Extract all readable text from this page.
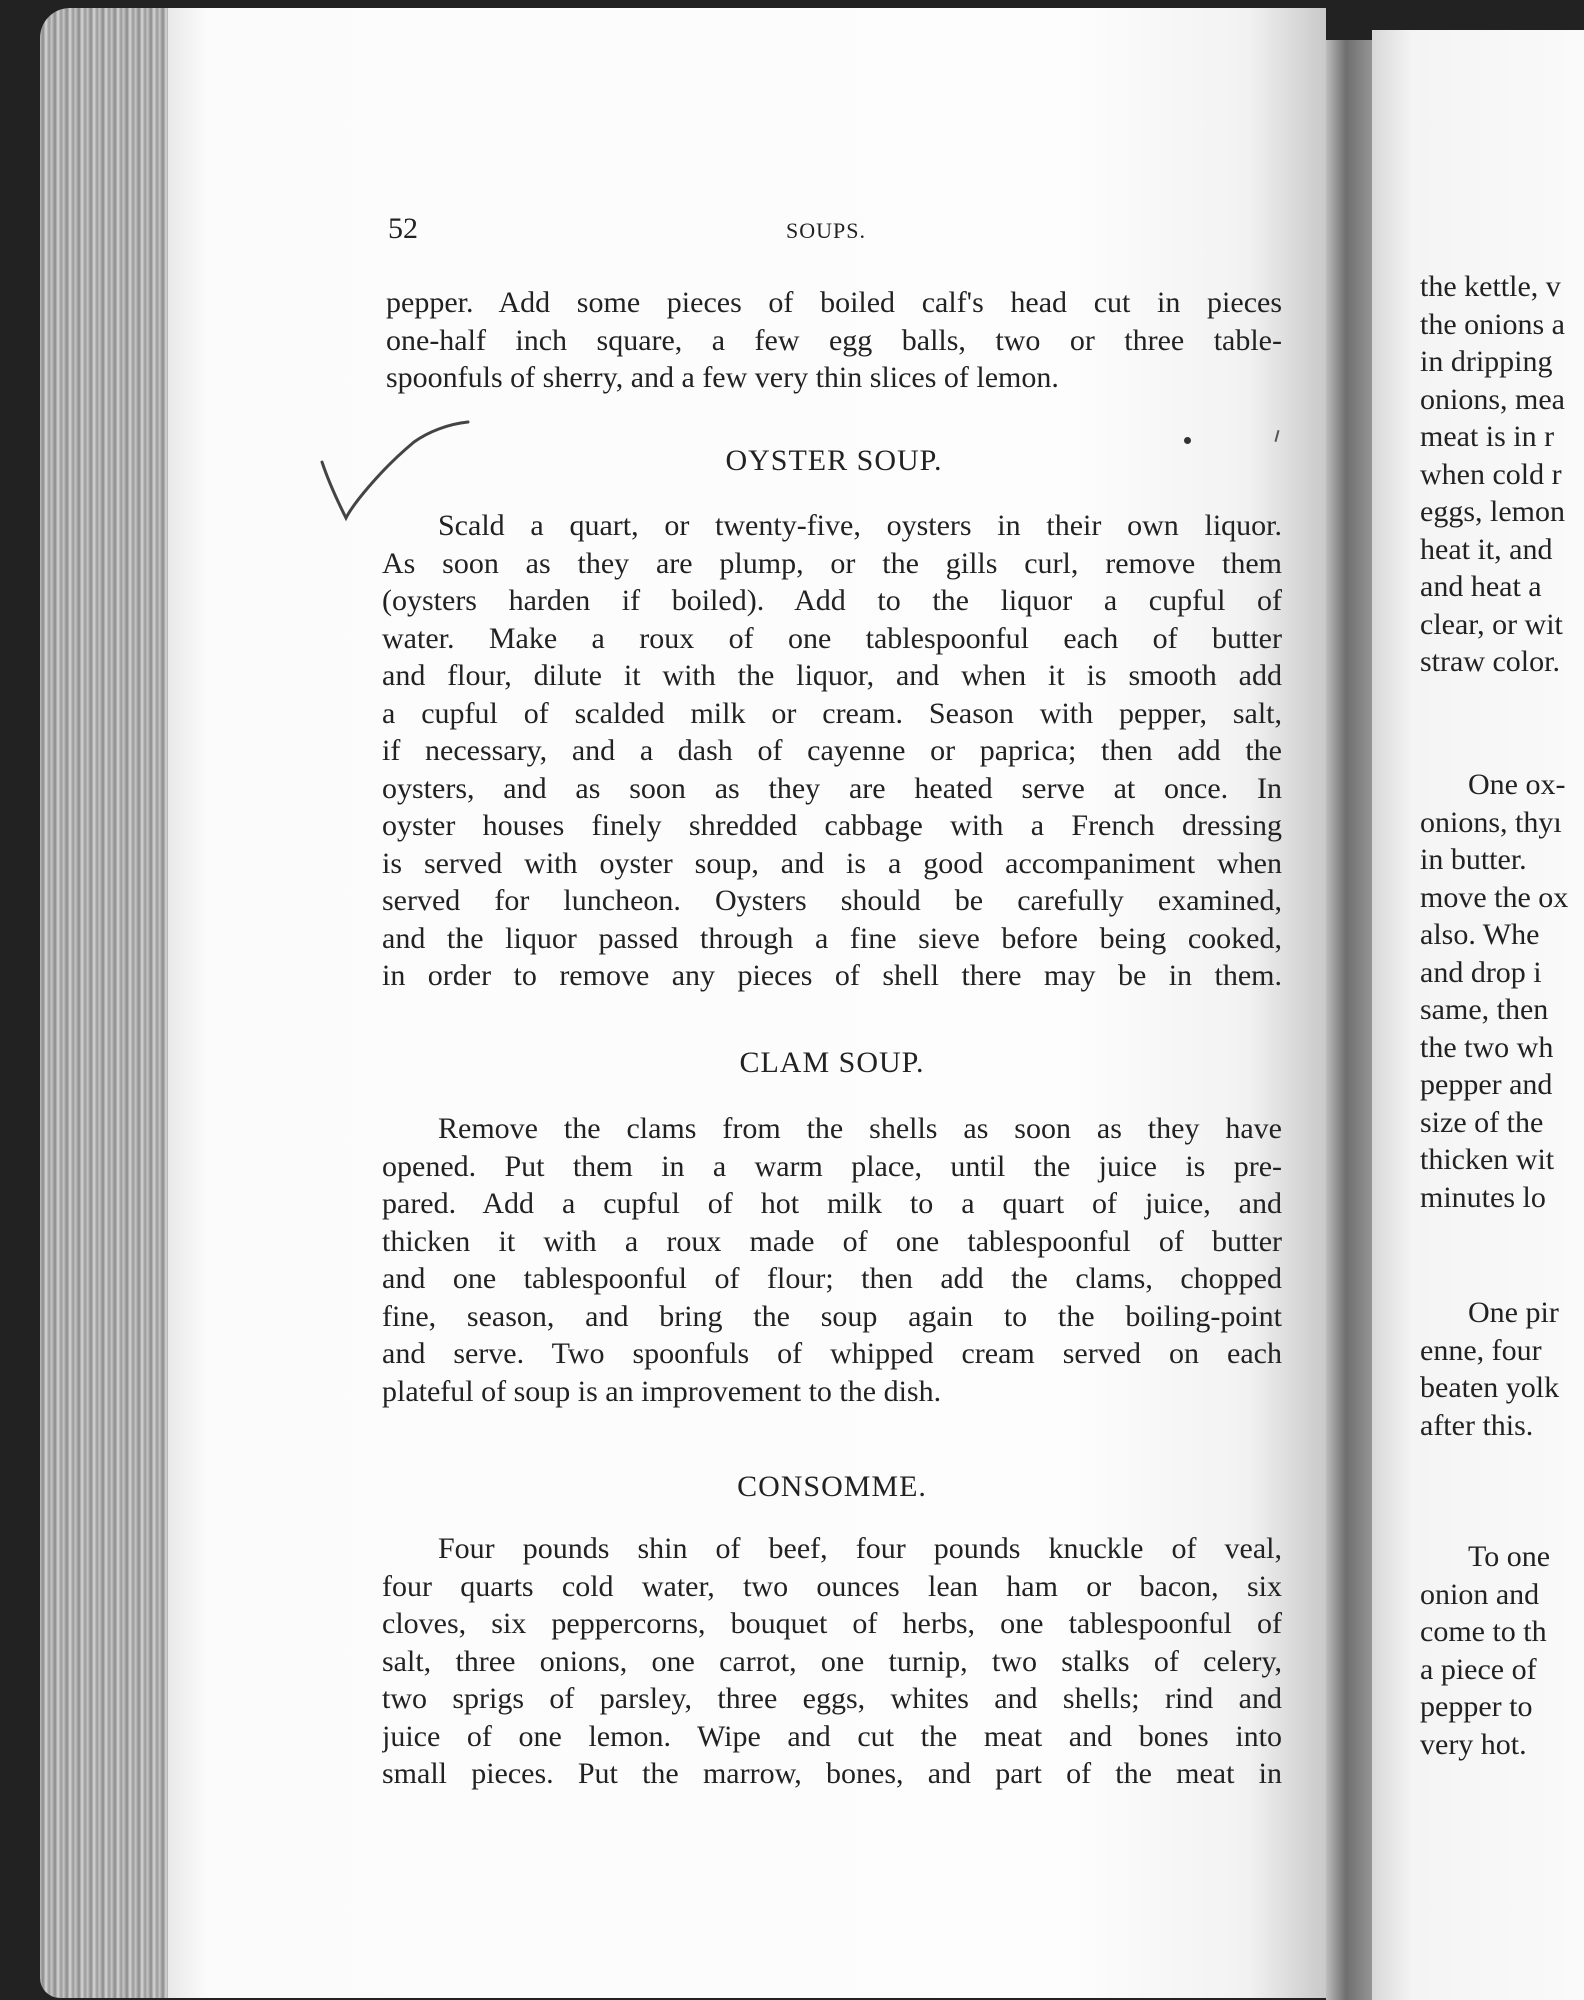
52	SOUPS.
pepper. Add some pieces of boiled calf's head cut in pieces
one-half inch square, a few egg balls, two or three table-
spoonfuls of sherry, and a few very thin slices of lemon.
OYSTER SOUP.
Scald a quart, or twenty-five, oysters in their own liquor.
As soon as they are plump, or the gills curl, remove them
(oysters harden if boiled). Add to the liquor a cupful of
water. Make a roux of one tablespoonful each of butter
and flour, dilute it with the liquor, and when it is smooth add
a cupful of scalded milk or cream. Season with pepper, salt,
if necessary, and a dash of cayenne or paprica; then add the
oysters, and as soon as they are heated serve at once. In
oyster houses finely shredded cabbage with a French dressing
is served with oyster soup, and is a good accompaniment when
served for luncheon. Oysters should be carefully examined,
and the liquor passed through a fine sieve before being cooked,
in order to remove any pieces of shell there may be in them.
CLAM SOUP.
Remove the clams from the shells as soon as they have
opened. Put them in a warm place, until the juice is pre-
pared. Add a cupful of hot milk to a quart of juice, and
thicken it with a roux made of one tablespoonful of butter
and one tablespoonful of flour; then add the clams, chopped
fine, season, and bring the soup again to the boiling-point
and serve. Two spoonfuls of whipped cream served on each
plateful of soup is an improvement to the dish.
CONSOMME.
Four pounds shin of beef, four pounds knuckle of veal,
four quarts cold water, two ounces lean ham or bacon, six
cloves, six peppercorns, bouquet of herbs, one tablespoonful of
salt, three onions, one carrot, one turnip, two stalks of celery,
two sprigs of parsley, three eggs, whites and shells; rind and
juice of one lemon. Wipe and cut the meat and bones into
small pieces. Put the marrow, bones, and part of the meat in
the kettle, v
the onions a
in dripping
onions, mea
meat is in r
when cold r
eggs, lemon
heat it, and
and heat a
clear, or wit
straw color.
One ox-
onions, thyı
in butter.
move the ox
also. Whe
and drop i
same, then
the two wh
pepper and
size of the
thicken wit
minutes lo
One pir
enne, four
beaten yolk
after this.
To one
onion and
come to th
a piece of
pepper to
very hot.
